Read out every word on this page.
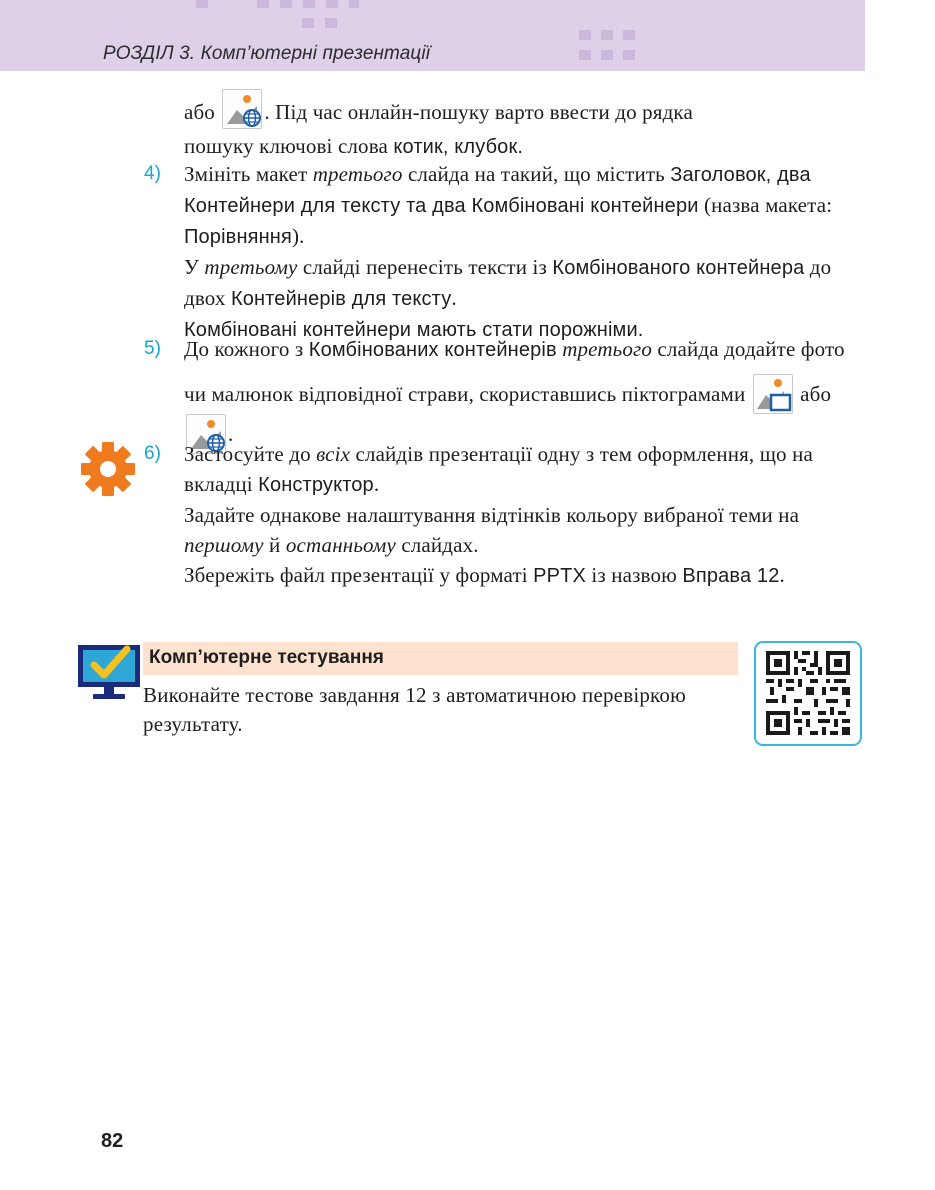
РОЗДІЛ 3. Комп’ютерні презентації
або . Під час онлайн-пошуку варто ввести до рядка
пошуку ключові слова котик, клубок.
4) Змініть макет третього слайда на такий, що містить Заголовок, два Контейнери для тексту та два Комбіновані контейнери (назва макета: Порівняння).
У третьому слайді перенесіть тексти із Комбінованого контейнера до двох Контейнерів для тексту.
Комбіновані контейнери мають стати порожніми.
5) До кожного з Комбінованих контейнерів третього слайда додайте фото чи малюнок відповідної страви, скориставшись піктограмами  або .
6) Застосуйте до всіх слайдів презентації одну з тем оформлення, що на вкладці Конструктор.
Задайте однакове налаштування відтінків кольору вибраної теми на першому й останньому слайдах.
Збережіть файл презентації у форматі PPTX із назвою Вправа 12.
Комп’ютерне тестування
Виконайте тестове завдання 12 з автоматичною перевіркою результату.
82
